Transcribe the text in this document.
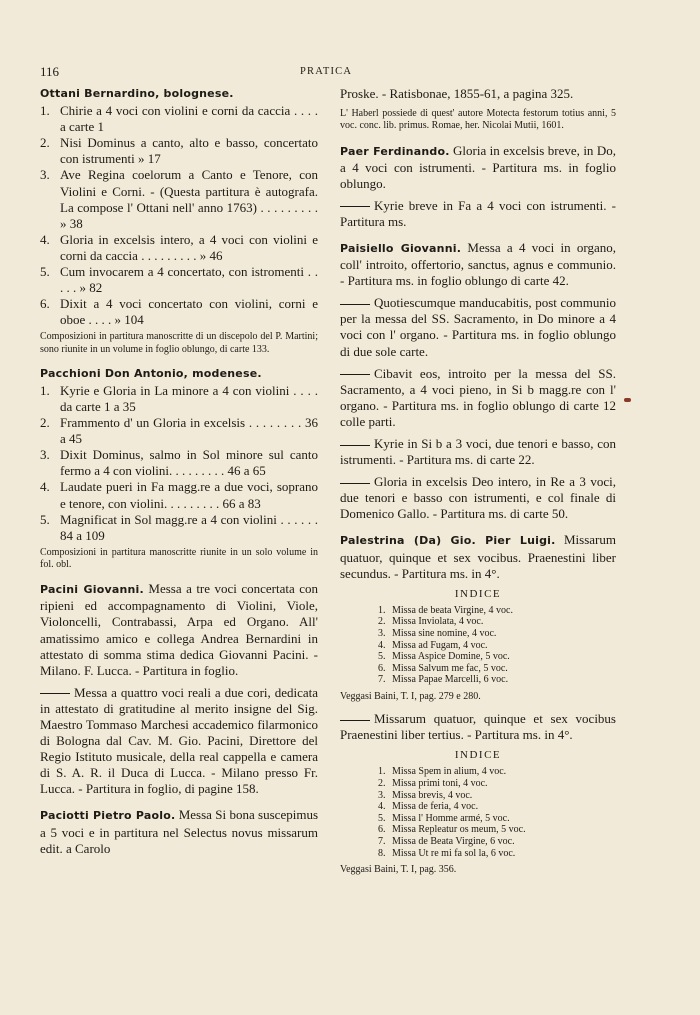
116	PRATICA
Ottani Bernardino, bolognese.
1. Chirie a 4 voci con violini e corni da caccia . . . . a carte 1
2. Nisi Dominus a canto, alto e basso, concertato con istrumenti » 17
3. Ave Regina coelorum a Canto e Tenore, con Violini e Corni. - (Questa partitura è autografa. La compose l' Ottani nell' anno 1763) . . . . . . . . . » 38
4. Gloria in excelsis intero, a 4 voci con violini e corni da caccia . . . . . . . . . » 46
5. Cum invocarem a 4 concertato, con istromenti . . . . . » 82
6. Dixit a 4 voci concertato con violini, corni e oboe . . . . » 104
Composizioni in partitura manoscritte di un discepolo del P. Martini; sono riunite in un volume in foglio oblungo, di carte 133.
Pacchioni Don Antonio, modenese.
1. Kyrie e Gloria in La minore a 4 con violini . . . . da carte 1 a 35
2. Frammento d' un Gloria in excelsis . . . . . . . . 36 a 45
3. Dixit Dominus, salmo in Sol minore sul canto fermo a 4 con violini. . . . . . . . . 46 a 65
4. Laudate pueri in Fa magg.re a due voci, soprano e tenore, con violini. . . . . . . . . 66 a 83
5. Magnificat in Sol magg.re a 4 con violini . . . . . . 84 a 109
Composizioni in partitura manoscritte riunite in un solo volume in fol. obl.
Pacini Giovanni. Messa a tre voci concertata con ripieni ed accompagnamento di Violini, Viole, Violoncelli, Contrabassi, Arpa ed Organo. All' amatissimo amico e collega Andrea Bernardini in attestato di somma stima dedica Giovanni Pacini. - Milano. F. Lucca. - Partitura in foglio.
Messa a quattro voci reali a due cori, dedicata in attestato di gratitudine al merito insigne del Sig. Maestro Tommaso Marchesi accademico filarmonico di Bologna dal Cav. M. Gio. Pacini, Direttore del Regio Istituto musicale, della real cappella e camera di S. A. R. il Duca di Lucca. - Milano presso Fr. Lucca. - Partitura in foglio, di pagine 158.
Paciotti Pietro Paolo. Messa Si bona suscepimus a 5 voci e in partitura nel Selectus novus missarum edit. a Carolo
Proske. - Ratisbonae, 1855-61, a pagina 325.
L' Haberl possiede di quest' autore Motecta festorum totius anni, 5 voc. conc. lib. primus. Romae, her. Nicolai Mutii, 1601.
Paer Ferdinando. Gloria in excelsis breve, in Do, a 4 voci con istrumenti. - Partitura ms. in foglio oblungo.
Kyrie breve in Fa a 4 voci con istrumenti. - Partitura ms.
Paisiello Giovanni. Messa a 4 voci in organo, coll' introito, offertorio, sanctus, agnus e communio. - Partitura ms. in foglio oblungo di carte 42.
Quotiescumque manducabitis, post communio per la messa del SS. Sacramento, in Do minore a 4 voci con l' organo. - Partitura ms. in foglio oblungo di due sole carte.
Cibavit eos, introito per la messa del SS. Sacramento, a 4 voci pieno, in Si b magg.re con l' organo. - Partitura ms. in foglio oblungo di carte 12 colle parti.
Kyrie in Si b a 3 voci, due tenori e basso, con istrumenti. - Partitura ms. di carte 22.
Gloria in excelsis Deo intero, in Re a 3 voci, due tenori e basso con istrumenti, e col finale di Domenico Gallo. - Partitura ms. di carte 50.
Palestrina (Da) Gio. Pier Luigi. Missarum quatuor, quinque et sex vocibus. Praenestini liber secundus. - Partitura ms. in 4°.
INDICE
1. Missa de beata Virgine, 4 voc.
2. Missa Inviolata, 4 voc.
3. Missa sine nomine, 4 voc.
4. Missa ad Fugam, 4 voc.
5. Missa Aspice Domine, 5 voc.
6. Missa Salvum me fac, 5 voc.
7. Missa Papae Marcelli, 6 voc.
Veggasi Baini, T. I, pag. 279 e 280.
Missarum quatuor, quinque et sex vocibus Praenestini liber tertius. - Partitura ms. in 4°.
INDICE
1. Missa Spem in alium, 4 voc.
2. Missa primi toni, 4 voc.
3. Missa brevis, 4 voc.
4. Missa de feria, 4 voc.
5. Missa l' Homme armé, 5 voc.
6. Missa Repleatur os meum, 5 voc.
7. Missa de Beata Virgine, 6 voc.
8. Missa Ut re mi fa sol la, 6 voc.
Veggasi Baini, T. I, pag. 356.
